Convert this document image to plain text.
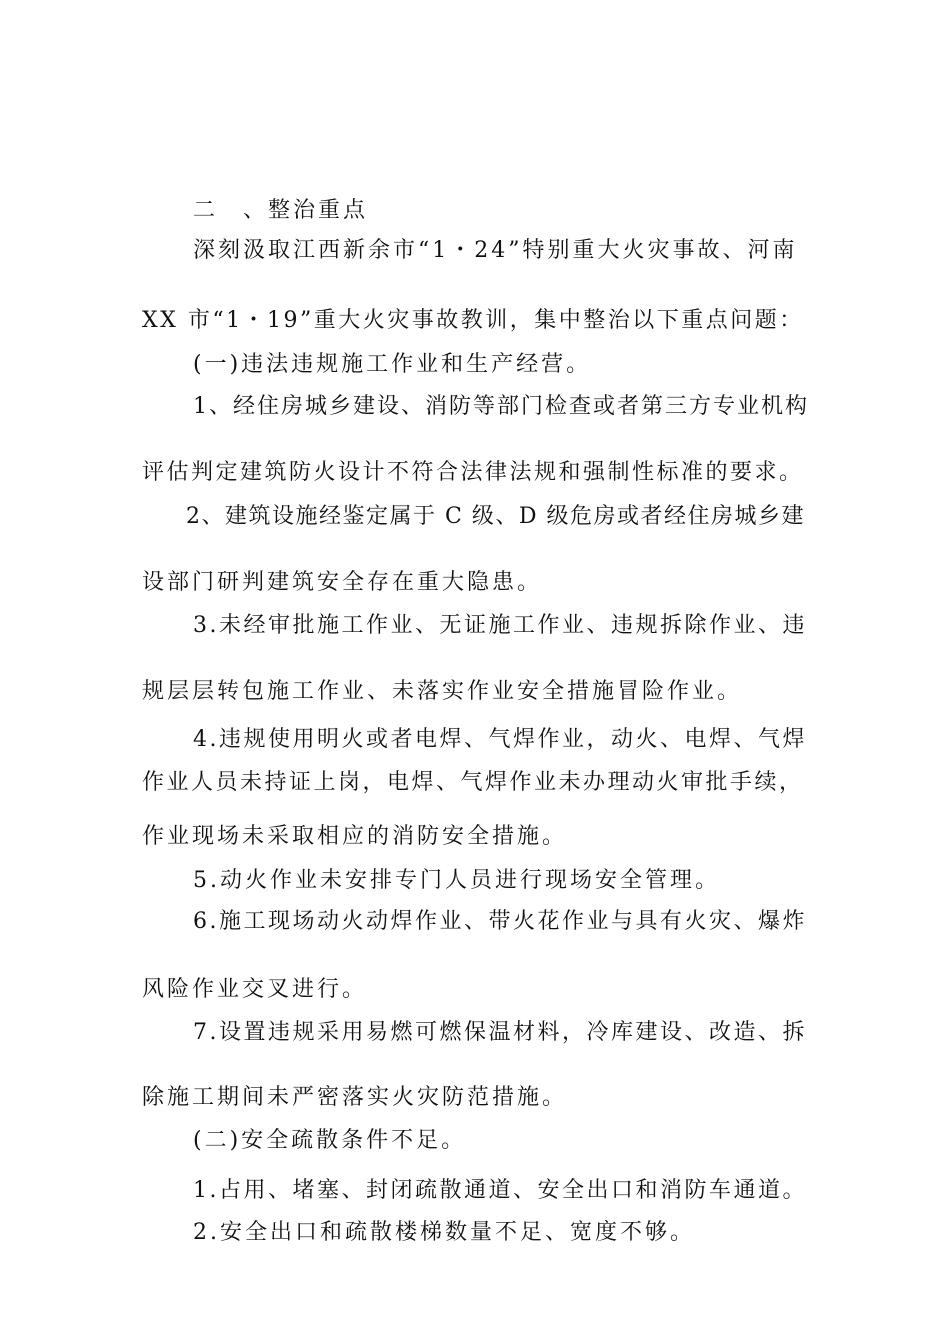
二　、整治重点
深刻汲取江西新余市“1・24”特别重大火灾事故、河南
XX 市“1・19”重大火灾事故教训，集中整治以下重点问题：
(一)违法违规施工作业和生产经营。
1、经住房城乡建设、消防等部门检查或者第三方专业机构
评估判定建筑防火设计不符合法律法规和强制性标准的要求。
2、建筑设施经鉴定属于 C 级、D 级危房或者经住房城乡建
设部门研判建筑安全存在重大隐患。
3.未经审批施工作业、无证施工作业、违规拆除作业、违
规层层转包施工作业、未落实作业安全措施冒险作业。
4.违规使用明火或者电焊、气焊作业，动火、电焊、气焊
作业人员未持证上岗，电焊、气焊作业未办理动火审批手续，
作业现场未采取相应的消防安全措施。
5.动火作业未安排专门人员进行现场安全管理。
6.施工现场动火动焊作业、带火花作业与具有火灾、爆炸
风险作业交叉进行。
7.设置违规采用易燃可燃保温材料，冷库建设、改造、拆
除施工期间未严密落实火灾防范措施。
(二)安全疏散条件不足。
1.占用、堵塞、封闭疏散通道、安全出口和消防车通道。
2.安全出口和疏散楼梯数量不足、宽度不够。
